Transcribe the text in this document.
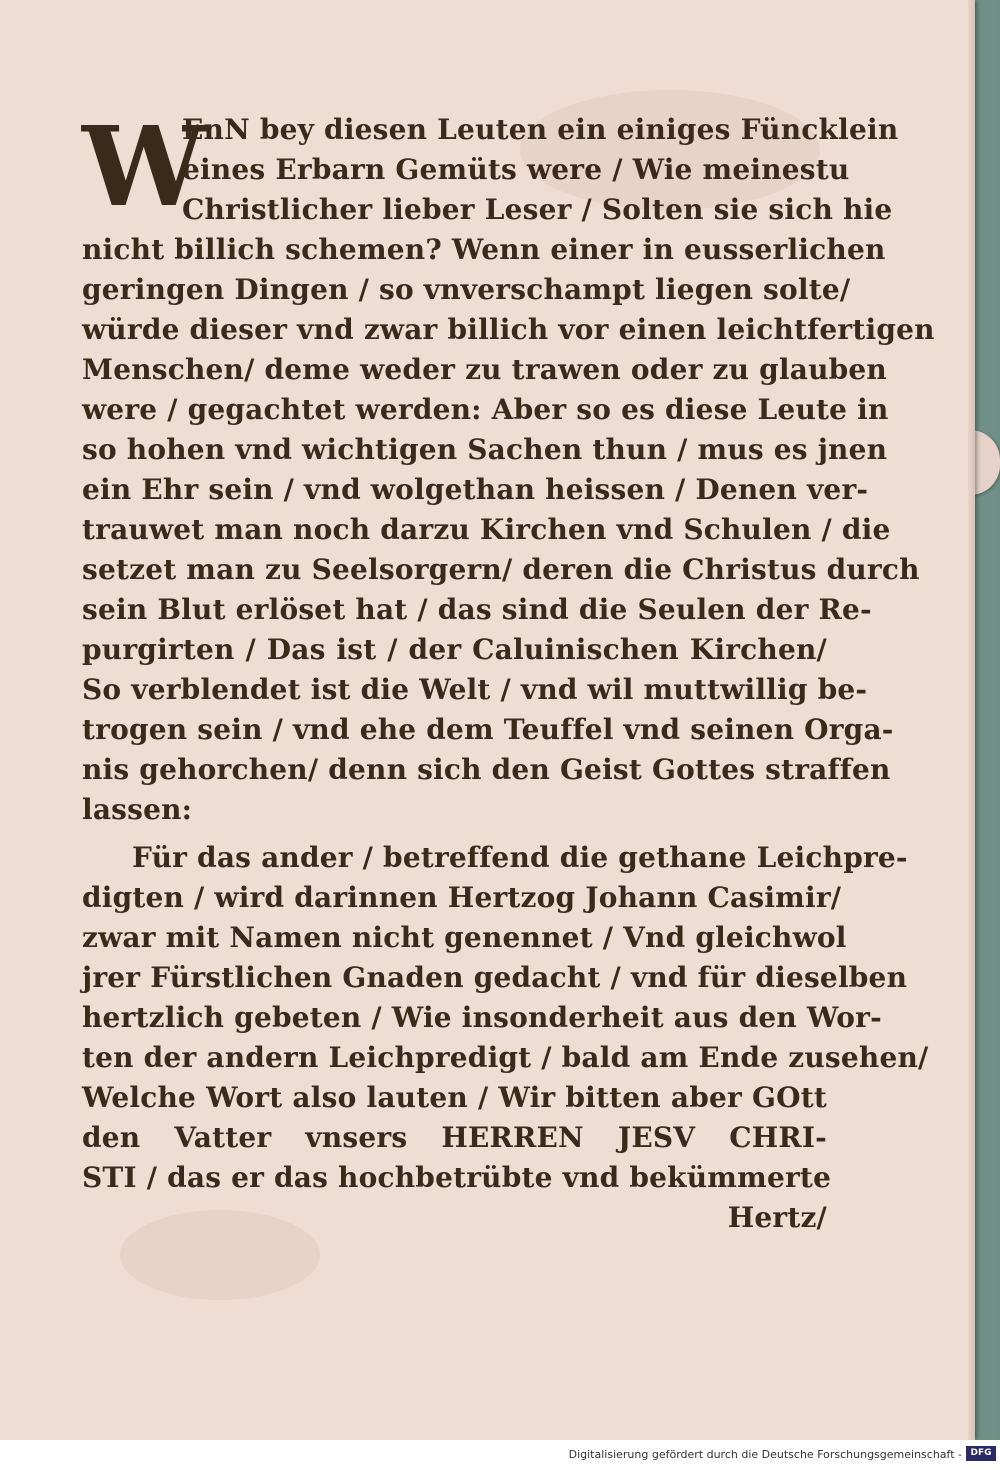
W
EnN bey diesen Leuten ein einiges Füncklein
eines Erbarn Gemüts were / Wie meinestu
Christlicher lieber Leser / Solten sie sich hie
nicht billich schemen? Wenn einer in eusserlichen
geringen Dingen / so vnverschampt liegen solte/
würde dieser vnd zwar billich vor einen leichtfertigen
Menschen/ deme weder zu trawen oder zu glauben
were / gegachtet werden: Aber so es diese Leute in
so hohen vnd wichtigen Sachen thun / mus es jnen
ein Ehr sein / vnd wolgethan heissen / Denen ver-
trauwet man noch darzu Kirchen vnd Schulen / die
setzet man zu Seelsorgern/ deren die Christus durch
sein Blut erlöset hat / das sind die Seulen der Re-
purgirten / Das ist / der Caluinischen Kirchen/
So verblendet ist die Welt / vnd wil muttwillig be-
trogen sein / vnd ehe dem Teuffel vnd seinen Orga-
nis gehorchen/ denn sich den Geist Gottes straffen
lassen:
Für das ander / betreffend die gethane Leichpre-
digten / wird darinnen Hertzog Johann Casimir/
zwar mit Namen nicht genennet / Vnd gleichwol
jrer Fürstlichen Gnaden gedacht / vnd für dieselben
hertzlich gebeten / Wie insonderheit aus den Wor-
ten der andern Leichpredigt / bald am Ende zusehen/
Welche Wort also lauten / Wir bitten aber GOtt
den Vatter vnsers HERREN JESV CHRI-
STI / das er das hochbetrübte vnd bekümmerte
Hertz/
Digitalisierung gefördert durch die Deutsche Forschungsgemeinschaft - DFG
